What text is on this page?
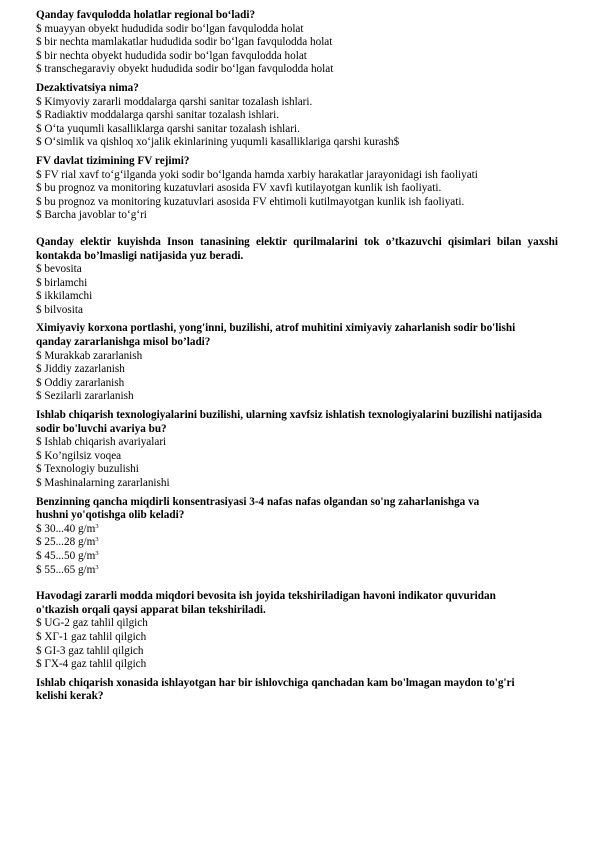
Qanday favqulodda holatlar regional bo‘ladi?
$ muayyan obyekt hududida sodir bo‘lgan favqulodda holat
$ bir nechta mamlakatlar hududida sodir bo‘lgan favqulodda holat
$ bir nechta obyekt hududida sodir bo‘lgan favqulodda holat
$ transchegaraviy obyekt hududida sodir bo‘lgan favqulodda holat
Dezaktivatsiya nima?
$ Kimyoviy zararli moddalarga qarshi sanitar tozalash ishlari.
$ Radiaktiv moddalarga qarshi sanitar tozalash ishlari.
$ O‘ta yuqumli kasalliklarga qarshi sanitar tozalash ishlari.
$ O‘simlik va qishloq xo‘jalik ekinlarining yuqumli kasalliklariga qarshi kurash$
FV davlat tizimining FV rejimi?
$ FV rial xavf to‘g‘ilganda yoki sodir bo‘lganda hamda xarbiy harakatlar jarayonidagi ish faoliyati
$ bu prognoz va monitoring kuzatuvlari asosida FV xavfi kutilayotgan kunlik ish faoliyati.
$ bu prognoz va monitoring kuzatuvlari asosida FV ehtimoli kutilmayotgan kunlik ish faoliyati.
$ Barcha javoblar to‘g‘ri
Qanday elektir kuyishda Inson tanasining elektir qurilmalarini tok o’tkazuvchi qisimlari bilan yaxshi kontakda bo’lmasligi natijasida yuz beradi.
$ bevosita
$ birlamchi
$ ikkilamchi
$ bilvosita
Ximiyaviy korxona portlashi, yong'inni, buzilishi, atrof muhitini ximiyaviy zaharlanish sodir bo'lishi qanday zararlanishga misol bo’ladi?
$ Murakkab zararlanish
$ Jiddiy zazarlanish
$ Oddiy zararlanish
$ Sezilarli zararlanish
Ishlab chiqarish texnologiyalarini buzilishi, ularning xavfsiz ishlatish texnologiyalarini buzilishi natijasida sodir bo'luvchi avariya bu?
$ Ishlab chiqarish avariyalari
$ Ko’ngilsiz voqea
$ Texnologiy buzulishi
$ Mashinalarning zararlanishi
Benzinning qancha miqdirli konsentrasiyasi 3-4 nafas nafas olgandan so'ng zaharlanishga va hushni yo'qotishga olib keladi?
$ 30...40 $g/m^3$
$ 25...28 $g/m^3$
$ 45...50 $g/m^3$
$ 55...65 $g/m^3$
Havodagi zararli modda miqdori bevosita ish joyida tekshiriladigan havoni indikator quvuridan o'tkazish orqali qaysi apparat bilan tekshiriladi.
$ UG-2 gaz tahlil qilgich
$ XГ-1 gaz tahlil qilgich
$ GI-3 gaz tahlil qilgich
$ ГX-4 gaz tahlil qilgich
Ishlab chiqarish xonasida ishlayotgan har bir ishlovchiga qanchadan kam bo'lmagan maydon to'g'ri kelishi kerak?
